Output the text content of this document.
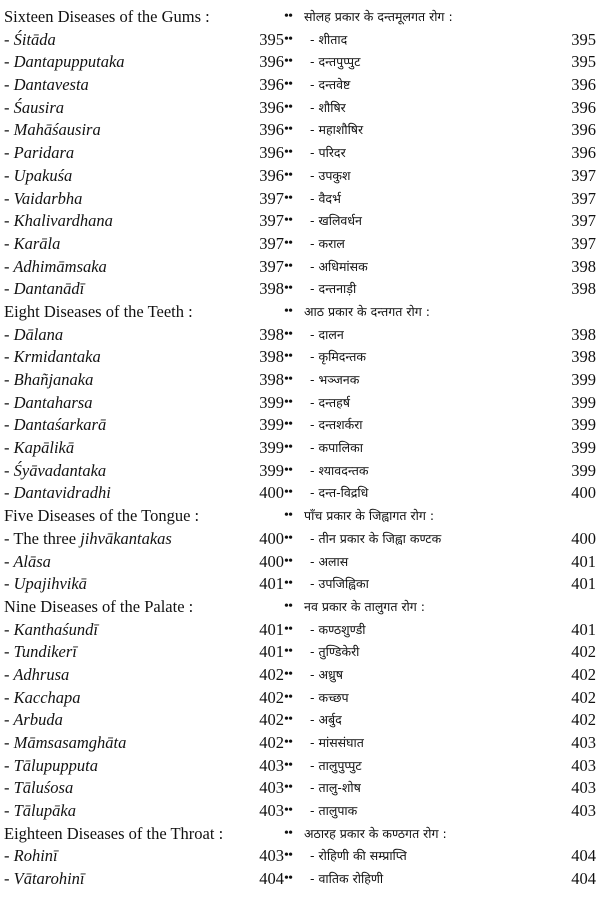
Sixteen Diseases of the Gums :	•
- Śitāda	395 •
- Dantapupputaka	396 •
- Dantavesta	396 •
- Śausira	396 •
- Mahāśausira	396 •
- Paridara	396 •
- Upakuśa	396 •
- Vaidarbha	397 •
- Khalivardhana	397 •
- Karāla	397 •
- Adhimāmsaka	397 •
- Dantanādī	398 •
Eight Diseases of the Teeth :	•
- Dālana	398 •
- Krmidantaka	398 •
- Bhañjanaka	398 •
- Dantaharsa	399 •
- Dantaśarkarā	399 •
- Kapālikā	399 •
- Śyāvadantaka	399 •
- Dantavidradhi	400 •
Five Diseases of the Tongue :	•
- The three jihvākantakas	400 •
- Alāsa	400 •
- Upajihvikā	401 •
Nine Diseases of the Palate :	•
- Kanthaśundī	401 •
- Tundikerī	401 •
- Adhrusa	402 •
- Kacchapa	402 •
- Arbuda	402 •
- Māmsasamghāta	402 •
- Tālupupputa	403 •
- Tāluśosa	403 •
- Tālupāka	403 •
Eighteen Diseases of the Throat :	•
- Rohinī	403 •
- Vātarohinī	404 •
• सोलह प्रकार के दन्तमूलगत रोग :
• - शीताद	395
• - दन्तपुप्पुट	395
• - दन्तवेष्ट	396
• - शौषिर	396
• - महाशौषिर	396
• - परिदर	396
• - उपकुश	397
• - वैदर्भ	397
• - खलिवर्धन	397
• - कराल	397
• - अधिमांसक	398
• - दन्तनाड़ी	398
• आठ प्रकार के दन्तगत रोग :
• - दालन	398
• - कृमिदन्तक	398
• - भञ्जनक	399
• - दन्तहर्ष	399
• - दन्तशर्करा	399
• - कपालिका	399
• - श्यावदन्तक	399
• - दन्त-विद्रधि	400
• पाँच प्रकार के जिह्वागत रोग :
• - तीन प्रकार के जिह्वा कण्टक	400
• - अलास	401
• - उपजिह्विका	401
• नव प्रकार के तालुगत रोग :
• - कण्ठशुण्डी	401
• - तुण्डिकेरी	402
• - अध्रुष	402
• - कच्छप	402
• - अर्बुद	402
• - मांससंघात	403
• - तालुपुप्पुट	403
• - तालु-शोष	403
• - तालुपाक	403
• अठारह प्रकार के कण्ठगत रोग :
• - रोहिणी की सम्प्राप्ति	404
• - वातिक रोहिणी	404
